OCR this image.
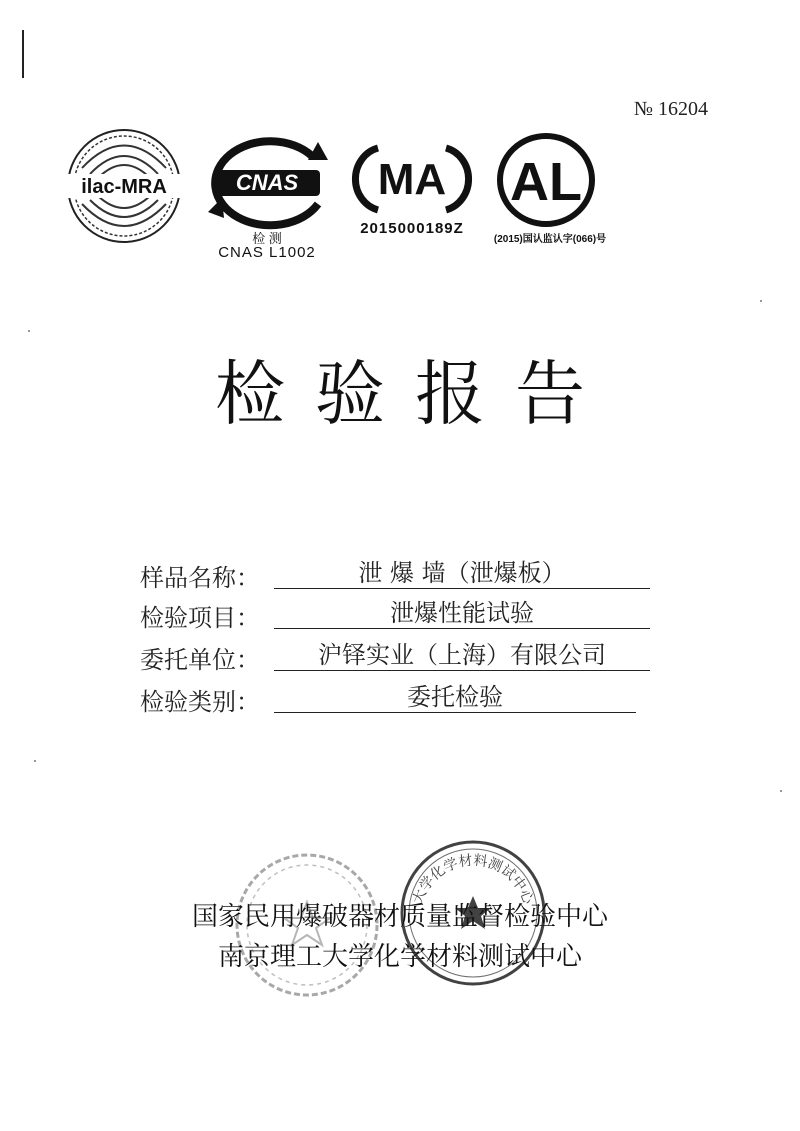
№ 16204
ilac-MRA	CNAS
检 测
CNAS L1002
MA
2015000189Z
AL
(2015)国认监认字(066)号
检验报告
样品名称：	泄 爆 墙（泄爆板）
检验项目：	泄爆性能试验
委托单位：	沪铎实业（上海）有限公司
检验类别：	委托检验
大学化学材料测试中心
国家民用爆破器材质量监督检验中心
南京理工大学化学材料测试中心
